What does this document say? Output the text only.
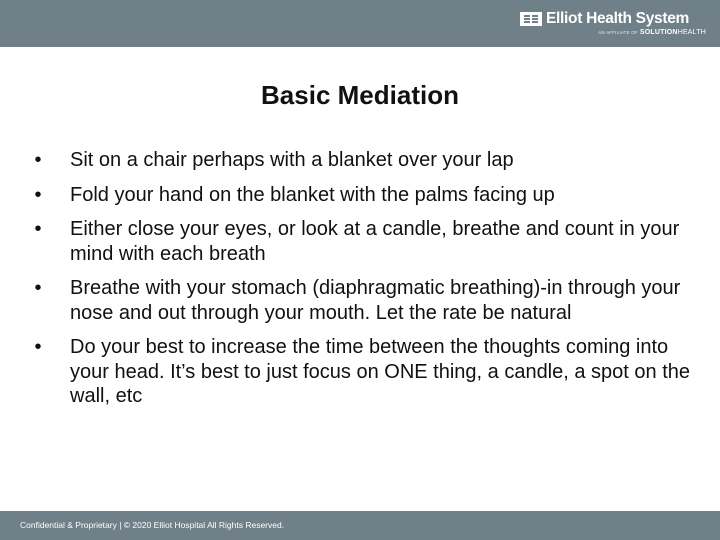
Elliot Health System
AN AFFILIATE OF SOLUTIONHEALTH
Basic Mediation
•	Sit on a chair perhaps with a blanket over your lap
•	Fold your hand on the blanket with the palms facing up
•	Either close your eyes, or look at a candle, breathe and count in your mind with each breath
•	Breathe with your stomach (diaphragmatic breathing)-in through your nose and out through your mouth. Let the rate be natural
•	Do your best to increase the time between the thoughts coming into your head. It’s best to just focus on ONE thing, a candle, a spot on the wall, etc
Confidential & Proprietary | © 2020 Elliot Hospital All Rights Reserved.
